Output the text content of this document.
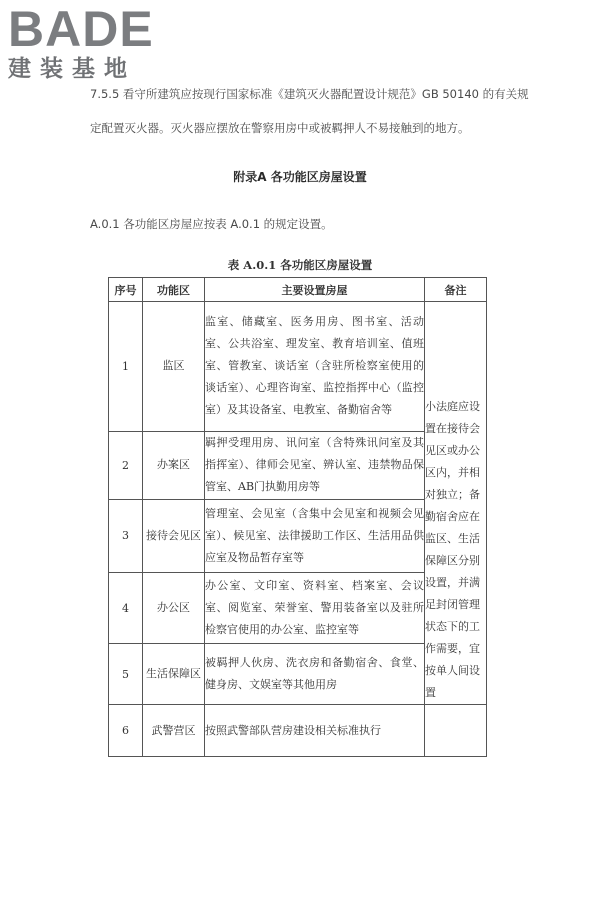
BADE
建装基地
7.5.5 看守所建筑应按现行国家标准《建筑灭火器配置设计规范》GB 50140 的有关规
定配置灭火器。灭火器应摆放在警察用房中或被羁押人不易接触到的地方。
附录A 各功能区房屋设置
A.0.1 各功能区房屋应按表 A.0.1 的规定设置。
表 A.0.1 各功能区房屋设置
序号	功能区	主要设置房屋	备注
1	监区	监室、储藏室、医务用房、图书室、活动室、公共浴室、理发室、教育培训室、值班室、管教室、谈话室（含驻所检察室使用的谈话室）、心理咨询室、监控指挥中心（监控室）及其设备室、电教室、备勤宿舍等	小法庭应设置在接待会见区或办公区内，并相对独立；备勤宿舍应在监区、生活保障区分别设置，并满足封闭管理状态下的工作需要，宜按单人间设置

2	办案区	羁押受理用房、讯问室（含特殊讯问室及其指挥室）、律师会见室、辨认室、违禁物品保管室、AB门执勤用房等	
3	接待会见区	管理室、会见室（含集中会见室和视频会见室）、候见室、法律援助工作区、生活用品供应室及物品暂存室等	
4	办公区	办公室、文印室、资料室、档案室、会议室、阅览室、荣誉室、警用装备室以及驻所检察官使用的办公室、监控室等	
5	生活保障区	被羁押人伙房、洗衣房和备勤宿舍、食堂、健身房、文娱室等其他用房	
6	武警营区	按照武警部队营房建设相关标准执行	
